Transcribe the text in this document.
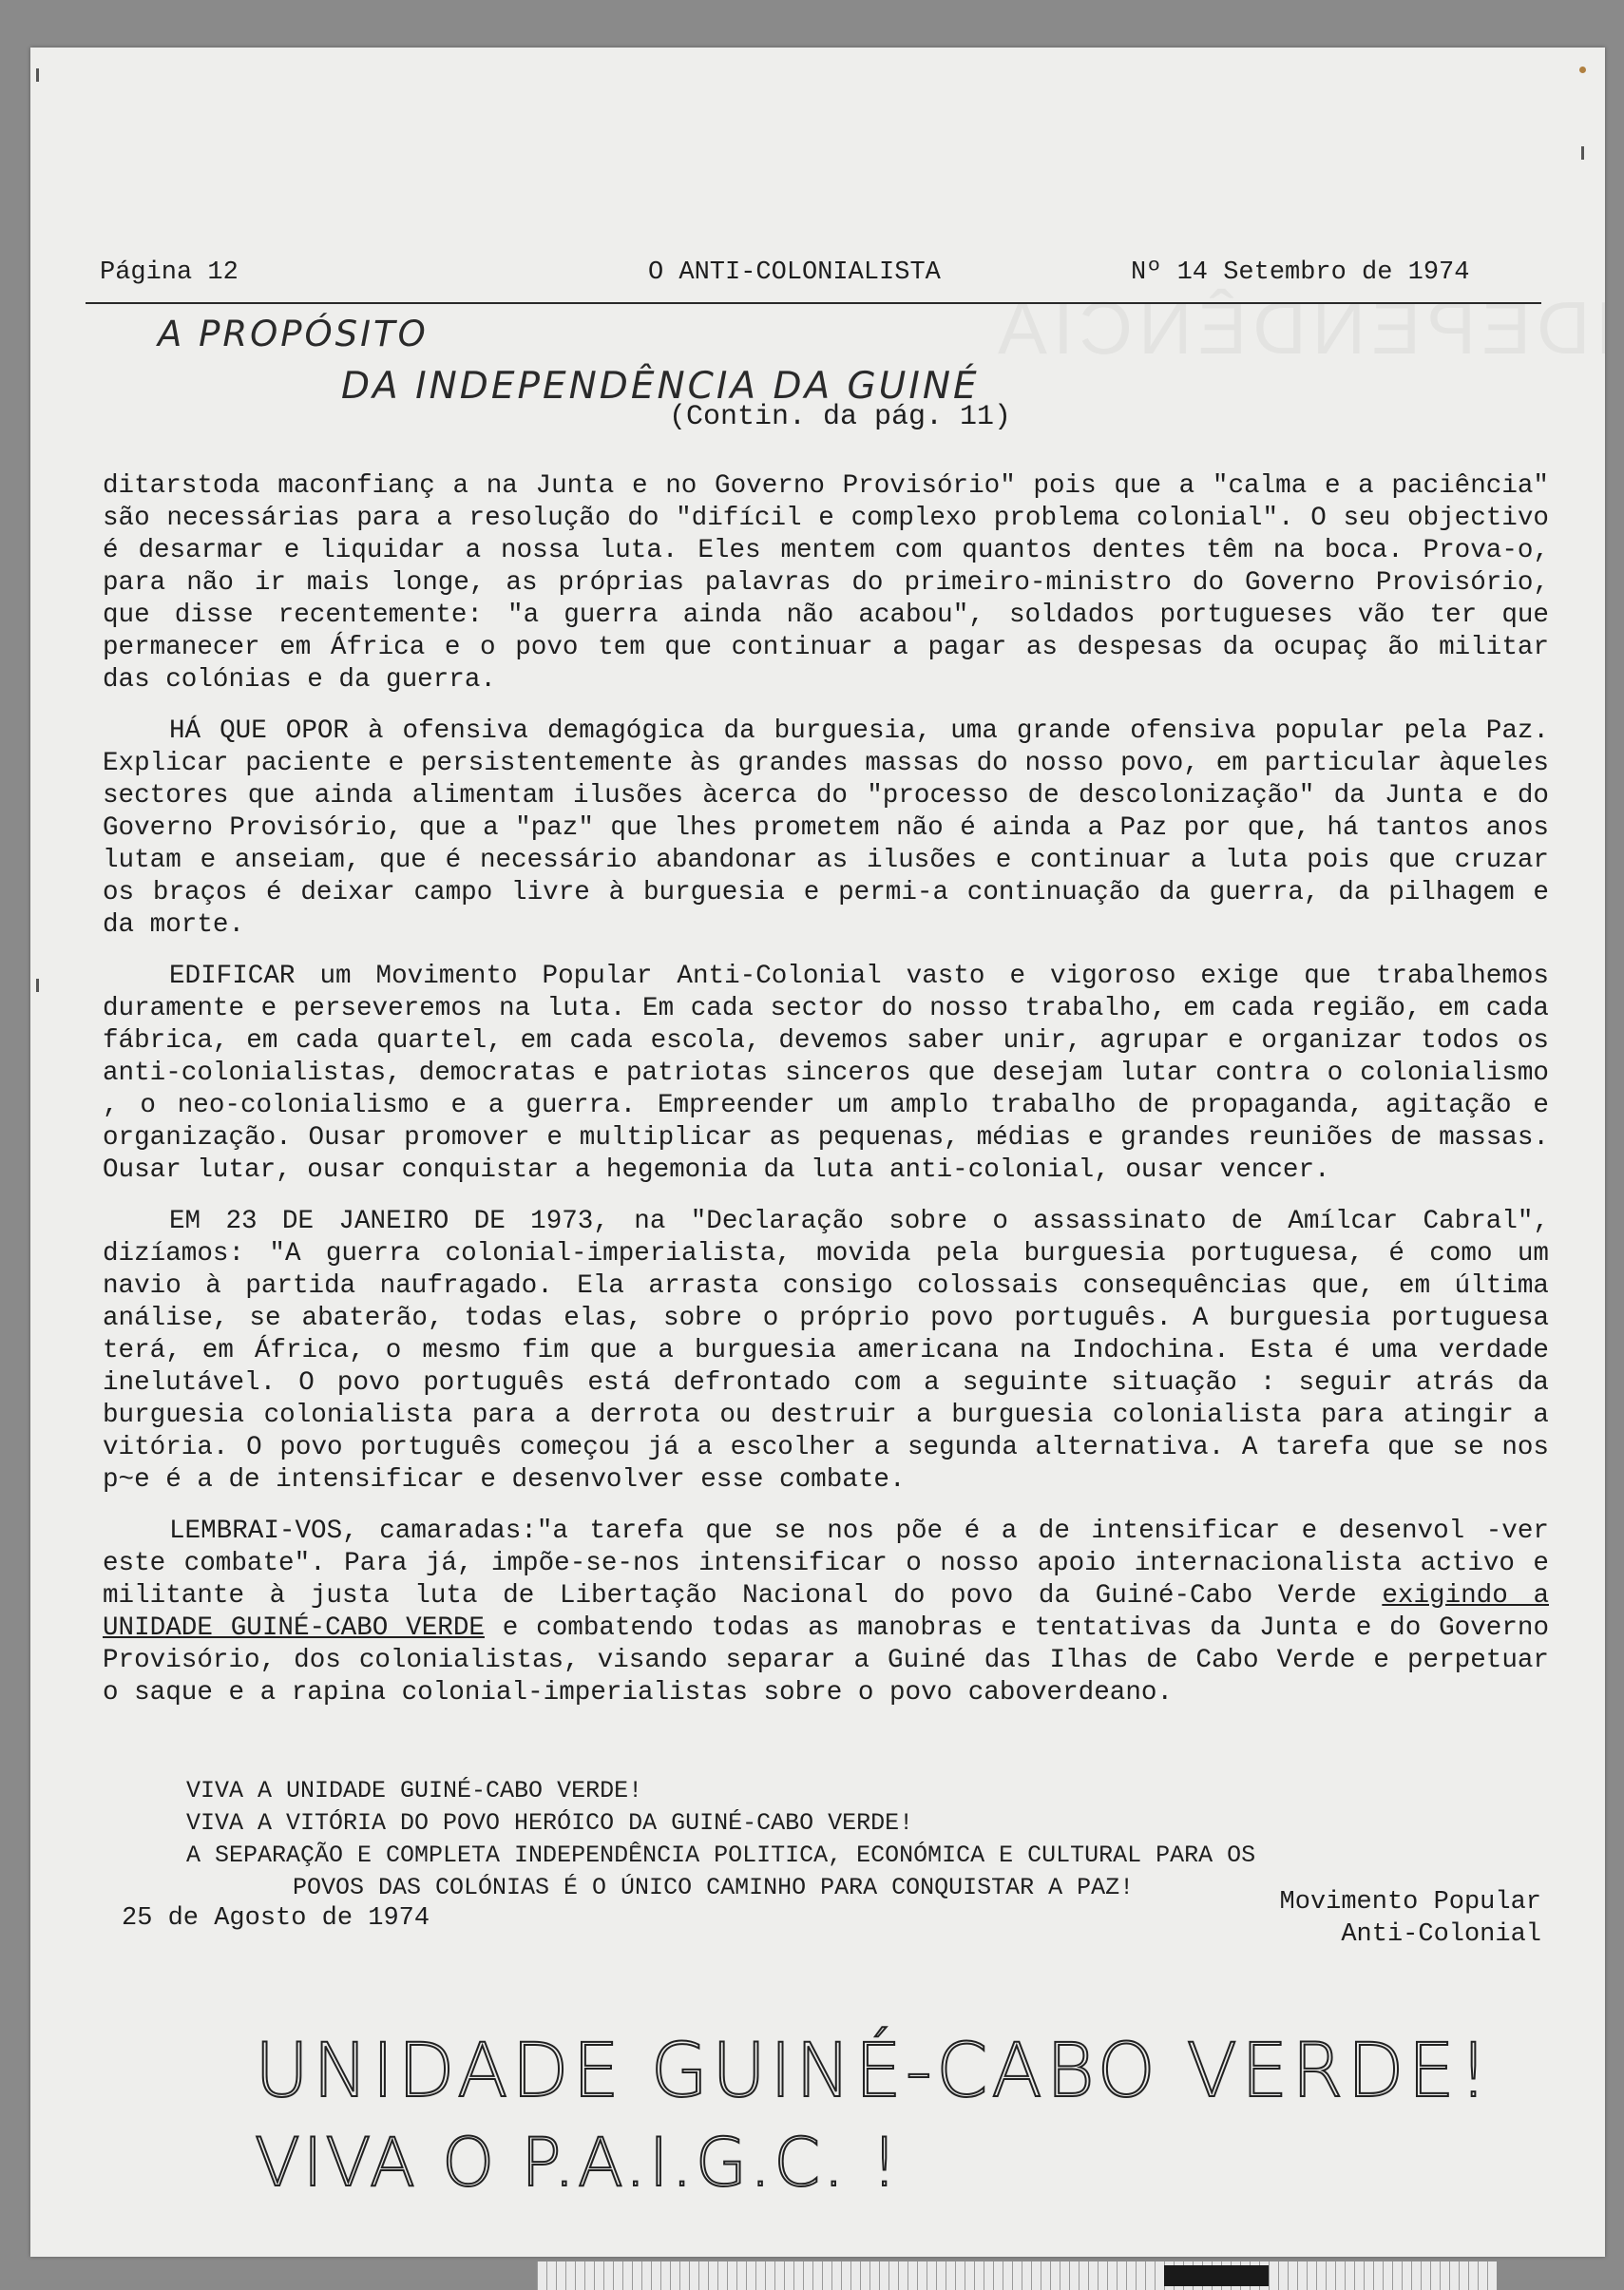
Página 12	O ANTI-COLONIALISTA	Nº 14 Setembro de 1974
A PROPÓSITO
DA INDEPENDÊNCIA DA GUINÉ
(Contin. da pág. 11)

ditarstoda maconfianç a na Junta e no Governo Provisório" pois que a "calma e a paciência" são necessárias para a resolução do "difícil e complexo problema colonial". O seu objectivo é desarmar e liquidar a nossa luta. Eles mentem com quantos dentes têm na boca. Prova-o, para não ir mais longe, as próprias palavras do primeiro-ministro do Governo Provisório, que disse recentemente: "a guerra ainda não acabou", soldados portugueses vão ter que permanecer em África e o povo tem que continuar a pagar as despesas da ocupaç ão militar das colónias e da guerra.

HÁ QUE OPOR à ofensiva demagógica da burguesia, uma grande ofensiva popular pela Paz. Explicar paciente e persistentemente às grandes massas do nosso povo, em particular àqueles sectores que ainda alimentam ilusões àcerca do "processo de descolonização" da Junta e do Governo Provisório, que a "paz" que lhes prometem não é ainda a Paz por que, há tantos anos lutam e anseiam, que é necessário abandonar as ilusões e continuar a luta pois que cruzar os braços é deixar campo livre à burguesia e permi-a continuação da guerra, da pilhagem e da morte.

EDIFICAR um Movimento Popular Anti-Colonial vasto e vigoroso exige que trabalhemos duramente e perseveremos na luta. Em cada sector do nosso trabalho, em cada região, em cada fábrica, em cada quartel, em cada escola, devemos saber unir, agrupar e organizar todos os anti-colonialistas, democratas e patriotas sinceros que desejam lutar contra o colonialismo , o neo-colonialismo e a guerra. Empreender um amplo trabalho de propaganda, agitação e organização. Ousar promover e multiplicar as pequenas, médias e grandes reuniões de massas. Ousar lutar, ousar conquistar a hegemonia da luta anti-colonial, ousar vencer.

EM 23 DE JANEIRO DE 1973, na "Declaração sobre o assassinato de Amílcar Cabral", dizíamos: "A guerra colonial-imperialista, movida pela burguesia portuguesa, é como um navio à partida naufragado. Ela arrasta consigo colossais consequências que, em última análise, se abaterão, todas elas, sobre o próprio povo português. A burguesia portuguesa terá, em África, o mesmo fim que a burguesia americana na Indochina. Esta é uma verdade inelutável. O povo português está defrontado com a seguinte situação : seguir atrás da burguesia colonialista para a derrota ou destruir a burguesia colonialista para atingir a vitória. O povo português começou já a escolher a segunda alternativa. A tarefa que se nos p~e é a de intensificar e desenvolver esse combate.

LEMBRAI-VOS, camaradas:"a tarefa que se nos põe é a de intensificar e desenvol -ver este combate". Para já, impõe-se-nos intensificar o nosso apoio internacionalista activo e militante à justa luta de Libertação Nacional do povo da Guiné-Cabo Verde exigindo a UNIDADE GUINÉ-CABO VERDE e combatendo todas as manobras e tentativas da Junta e do Governo Provisório, dos colonialistas, visando separar a Guiné das Ilhas de Cabo Verde e perpetuar o saque e a rapina colonial-imperialistas sobre o povo caboverdeano.

VIVA A UNIDADE GUINÉ-CABO VERDE!
VIVA A VITÓRIA DO POVO HERÓICO DA GUINÉ-CABO VERDE!
A SEPARAÇÃO E COMPLETA INDEPENDÊNCIA POLITICA, ECONÓMICA E CULTURAL PARA OS
POVOS DAS COLÓNIAS É O ÚNICO CAMINHO PARA CONQUISTAR A PAZ!
25 de Agosto de 1974
Movimento Popular
Anti-Colonial
UNIDADE GUINÉ-CABO VERDE!
VIVA O P.A.I.G.C. !
